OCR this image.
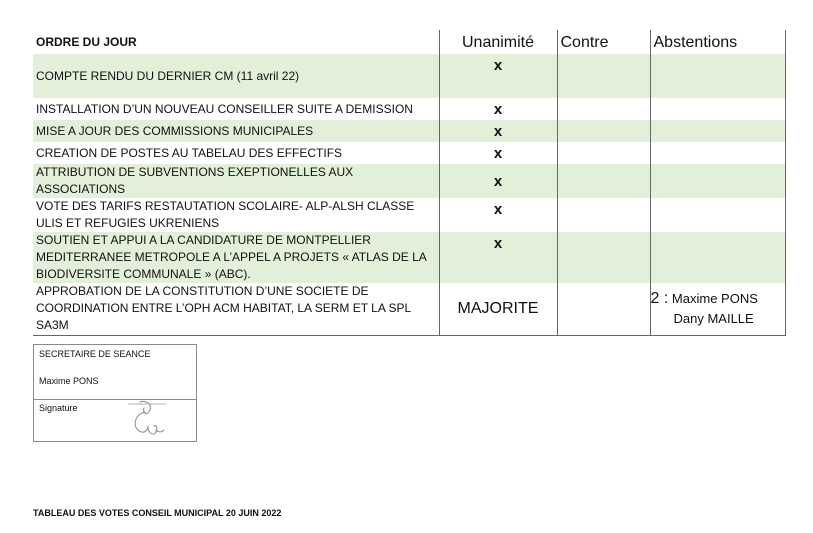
ORDRE DU JOUR	Unanimité	Contre	Abstentions
COMPTE RENDU DU DERNIER CM (11 avril 22)	x		
INSTALLATION D’UN NOUVEAU CONSEILLER SUITE A DEMISSION	x		
MISE A JOUR DES COMMISSIONS MUNICIPALES	x		
CREATION DE POSTES AU TABELAU DES EFFECTIFS	x		
ATTRIBUTION DE SUBVENTIONS EXEPTIONELLES AUX ASSOCIATIONS	x		
VOTE DES TARIFS RESTAUTATION SCOLAIRE- ALP-ALSH CLASSE ULIS ET REFUGIES UKRENIENS	x		
SOUTIEN ET APPUI A LA CANDIDATURE DE MONTPELLIER MEDITERRANEE METROPOLE A L’APPEL A PROJETS « ATLAS DE LA BIODIVERSITE COMMUNALE » (ABC).	x		
APPROBATION DE LA CONSTITUTION D’UNE SOCIETE DE COORDINATION ENTRE L’OPH ACM HABITAT, LA SERM ET LA SPL SA3M	MAJORITE		2 : Maxime PONS
Dany MAILLE
SECRETAIRE DE SEANCE
Maxime PONS
Signature
TABLEAU DES VOTES CONSEIL MUNICIPAL 20 JUIN 2022
